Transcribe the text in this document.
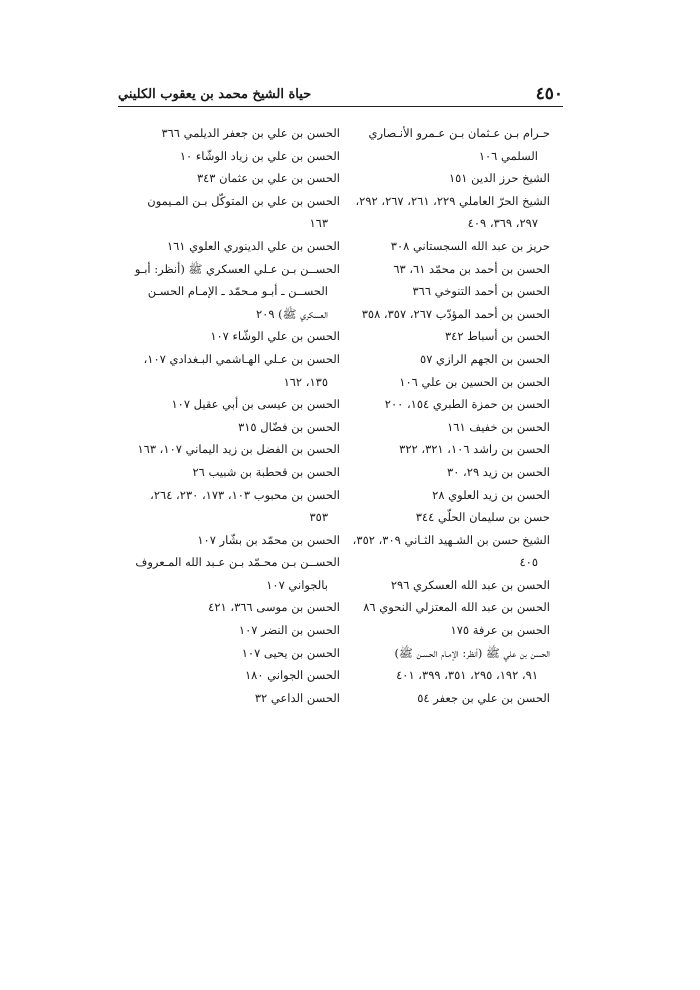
٤٥٠
حياة الشيخ محمد بن يعقوب الكليني
حـرام بـن عـثمان بـن عـمرو الأنـصاري
السلمي ١٠٦
الشيخ حرز الدين ١٥١
الشيخ الحرّ العاملي ٢٢٩، ٢٦١، ٢٦٧، ٢٩٢،
٢٩٧، ٣٦٩، ٤٠٩
حريز بن عبد الله السجستاني ٣٠٨
الحسن بن أحمد بن محمّد ٦١، ٦٣
الحسن بن أحمد التنوخي ٣٦٦
الحسن بن أحمد المؤدّب ٢٦٧، ٣٥٧، ٣٥٨
الحسن بن أسباط ٣٤٢
الحسن بن الجهم الرازي ٥٧
الحسن بن الحسين بن علي ١٠٦
الحسن بن حمزة الطبري ١٥٤، ٢٠٠
الحسن بن خفيف ١٦١
الحسن بن راشد ١٠٦، ٣٢١، ٣٢٢
الحسن بن زيد ٢٩، ٣٠
الحسن بن زيد العلوي ٢٨
حسن بن سليمان الحلّي ٣٤٤
الشيخ حسن بن الشـهيد الثـاني ٣٠٩، ٣٥٢،
٤٠٥
الحسن بن عبد الله العسكري ٢٩٦
الحسن بن عبد الله المعتزلي النحوي ٨٦
الحسن بن عرفة ١٧٥
الحسن بن علي ﷺ (أنظر: الإمـام الحسـن ﷺ)
٩١، ١٩٢، ٢٩٥، ٣٥١، ٣٩٩، ٤٠١
الحسن بن علي بن جعفر ٥٤
الحسن بن علي بن جعفر الديلمي ٣٦٦
الحسن بن علي بن زياد الوشّاء ١٠
الحسن بن علي بن عثمان ٣٤٣
الحسن بن علي بن المتوكّل بـن المـيمون
١٦٣
الحسن بن علي الدينوري العلوي ١٦١
الحســن بـن عـلي العسكري ﷺ (أنظر: أبـو
الحســن ـ أبـو مـحمّد ـ الإمـام الحسـن
العسكري ﷺ) ٢٠٩
الحسن بن علي الوشّاء ١٠٧
الحسن بن عـلي الهـاشمي البـغدادي ١٠٧،
١٣٥، ١٦٢
الحسن بن عيسى بن أبي عقيل ١٠٧
الحسن بن فضّال ٣١٥
الحسن بن الفضل بن زيد اليماني ١٠٧، ١٦٣
الحسن بن قحطبة بن شبيب ٢٦
الحسن بن محبوب ١٠٣، ١٧٣، ٢٣٠، ٢٦٤،
٣٥٣
الحسن بن محمّد بن بشّار ١٠٧
الحســن بـن محـمّد بـن عـبد الله المـعروف
بالجواني ١٠٧
الحسن بن موسى ٣٦٦، ٤٢١
الحسن بن النضر ١٠٧
الحسن بن يحيى ١٠٧
الحسن الجواني ١٨٠
الحسن الداعي ٣٢
